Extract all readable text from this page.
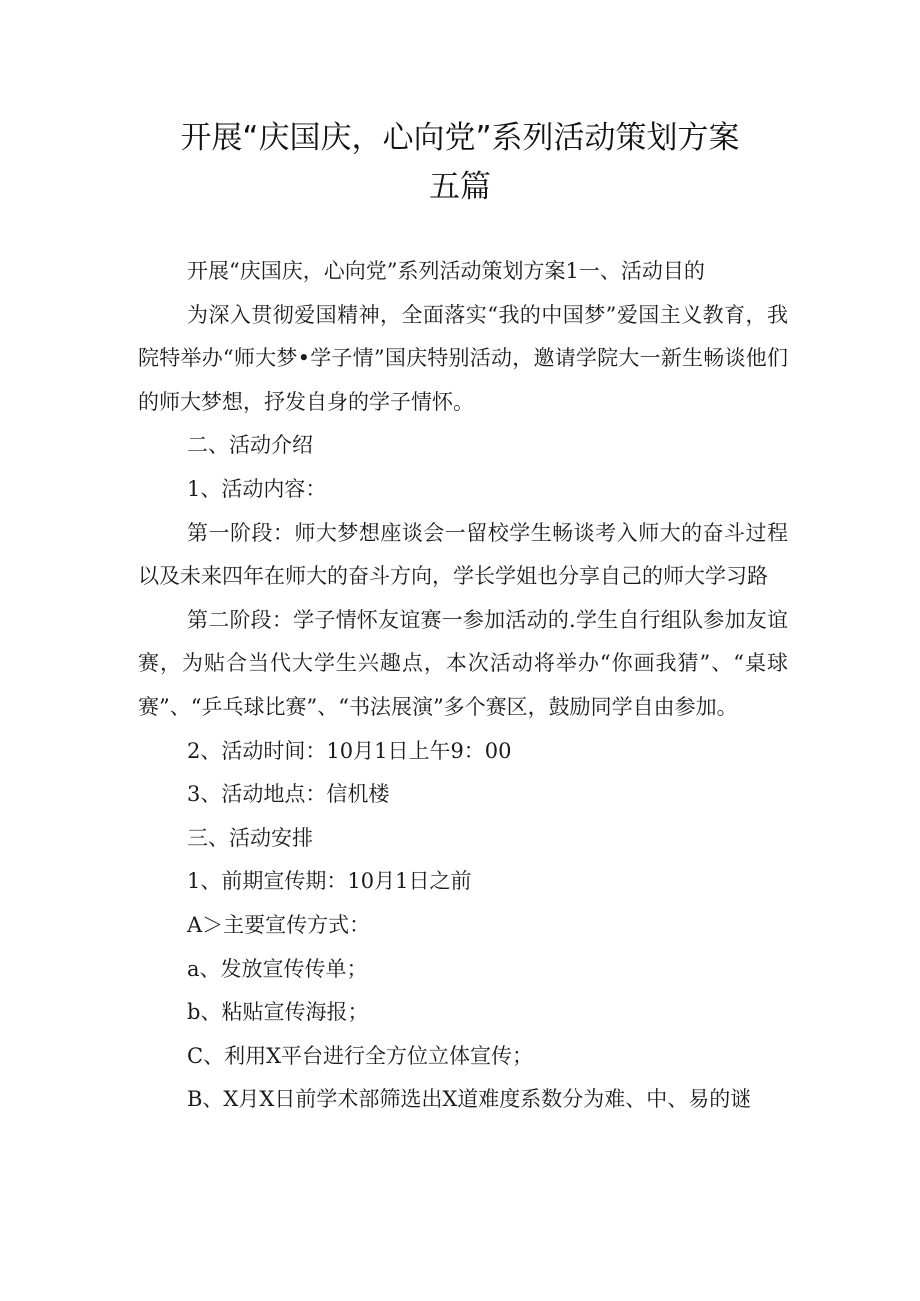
开展“庆国庆，心向党”系列活动策划方案
五篇

开展“庆国庆，心向党”系列活动策划方案1一、活动目的

为深入贯彻爱国精神，全面落实“我的中国梦”爱国主义教育，我院特举办“师大梦•学子情”国庆特别活动，邀请学院大一新生畅谈他们的师大梦想，抒发自身的学子情怀。

二、活动介绍

1、活动内容：

第一阶段：师大梦想座谈会一留校学生畅谈考入师大的奋斗过程以及未来四年在师大的奋斗方向，学长学姐也分享自己的师大学习路

第二阶段：学子情怀友谊赛一参加活动的.学生自行组队参加友谊赛，为贴合当代大学生兴趣点，本次活动将举办“你画我猜”、“桌球赛”、“乒乓球比赛”、“书法展演”多个赛区，鼓励同学自由参加。

2、活动时间：10月1日上午9：00

3、活动地点：信机楼

三、活动安排

1、前期宣传期：10月1日之前

A＞主要宣传方式：

a、发放宣传传单；

b、粘贴宣传海报；

C、利用X平台进行全方位立体宣传；

B、X月X日前学术部筛选出X道难度系数分为难、中、易的谜
